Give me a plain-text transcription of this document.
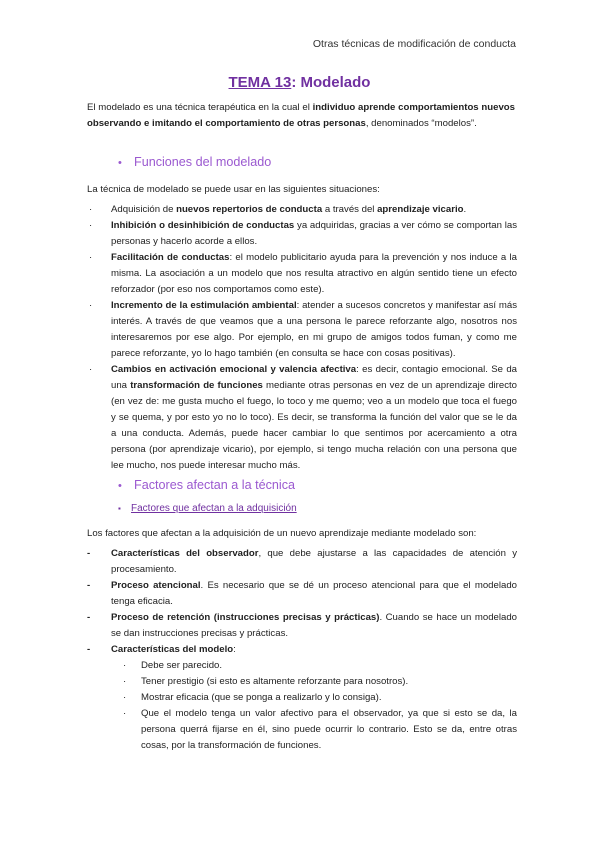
Otras técnicas de modificación de conducta
TEMA 13: Modelado
El modelado es una técnica terapéutica en la cual el individuo aprende comportamientos nuevos observando e imitando el comportamiento de otras personas, denominados “modelos”.
• Funciones del modelado
La técnica de modelado se puede usar en las siguientes situaciones:
· Adquisición de nuevos repertorios de conducta a través del aprendizaje vicario.
· Inhibición o desinhibición de conductas ya adquiridas, gracias a ver cómo se comportan las personas y hacerlo acorde a ellos.
· Facilitación de conductas: el modelo publicitario ayuda para la prevención y nos induce a la misma. La asociación a un modelo que nos resulta atractivo en algún sentido tiene un efecto reforzador (por eso nos comportamos como este).
· Incremento de la estimulación ambiental: atender a sucesos concretos y manifestar así más interés. A través de que veamos que a una persona le parece reforzante algo, nosotros nos interesaremos por ese algo. Por ejemplo, en mi grupo de amigos todos fuman, y como me parece reforzante, yo lo hago también (en consulta se hace con cosas positivas).
· Cambios en activación emocional y valencia afectiva: es decir, contagio emocional. Se da una transformación de funciones mediante otras personas en vez de un aprendizaje directo (en vez de: me gusta mucho el fuego, lo toco y me quemo; veo a un modelo que toca el fuego y se quema, y por esto yo no lo toco). Es decir, se transforma la función del valor que se le da a una conducta. Además, puede hacer cambiar lo que sentimos por acercamiento a otra persona (por aprendizaje vicario), por ejemplo, si tengo mucha relación con una persona que lee mucho, nos puede interesar mucho más.
• Factores afectan a la técnica
▪ Factores que afectan a la adquisición
Los factores que afectan a la adquisición de un nuevo aprendizaje mediante modelado son:
- Características del observador, que debe ajustarse a las capacidades de atención y procesamiento.
- Proceso atencional. Es necesario que se dé un proceso atencional para que el modelado tenga eficacia.
- Proceso de retención (instrucciones precisas y prácticas). Cuando se hace un modelado se dan instrucciones precisas y prácticas.
- Características del modelo:
· Debe ser parecido.
· Tener prestigio (si esto es altamente reforzante para nosotros).
· Mostrar eficacia (que se ponga a realizarlo y lo consiga).
· Que el modelo tenga un valor afectivo para el observador, ya que si esto se da, la persona querrá fijarse en él, sino puede ocurrir lo contrario. Esto se da, entre otras cosas, por la transformación de funciones.
